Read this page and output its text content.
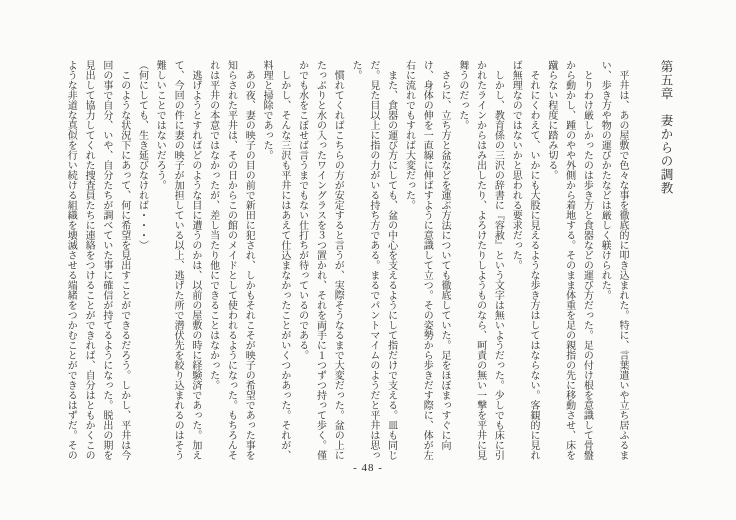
第五章　妻からの調教

平井は、あの屋敷で色々な事を徹底的に叩き込まれた。特に、言葉遣いや立ち居ふるまい、歩き方や物の運びかたなどは厳しく躾けられた。

とりわけ厳しかったのは歩き方と食器などの運び方だった。足の付け根を意識して骨盤から動かし、踵のやや外側から着地する。そのまま体重を足の親指の先に移動させ、床を蹴らない程度に踏み切る。

それにくわえて、いかにも大股に見えるような歩き方はしてはならない。客観的に見れば無理なのではないかと思われる要求だった。

しかし、教育係の三沢の辞書に『容赦』という文字は無いようだった。少しでも床に引かれたラインからはみ出したり、よろけたりしようものなら、呵責の無い一撃を平井に見舞うのだった。

さらに、立ち方と盆などを運ぶ方法についても徹底していた。足をほぼまっすぐに向け、身体の伸を一直線に伸ばすように意識して立つ。その姿勢から歩きだす際に、体が左右に流れでもすれば大変だった。

また、食器の運び方にしても、盆の中心を支えるようにして指だけで支える。皿も同じだ。見た目以上に指の力がいる持ち方である。まるでパントマイムのようだと平井は思った。

慣れてくればこちらの方が安定すると言うが、実際そうなるまで大変だった。盆の上にたっぷりと水の入ったワイングラスを３つ置かれ、それを両手に１つずつ持って歩く。僅かでも水をこぼせば言うまでもない仕打ちが待っているのである。

しかし、そんな三沢も平井にはあえて仕込まなかったことがいくつかあった。それが、料理と掃除であった。

あの夜、妻の映子の目の前で新田に犯され、しかもそれこそが映子の希望であった事を知らされた平井は、その日からこの館のメイドとして使われるようになった。もちろんそれは平井の本意ではなかったが、差し当たり他にできることはなかった。

逃げようとすればどのような目に遭うのかは、以前の屋敷の時に経験済であった。加えて、今回の件に妻の映子が加担している以上、逃げた所で潜伏先を絞り込まれるのはそう難しいことではないだろう。

（何にしても、生き延びなければ・・・）

このような状況下にあって、何に希望を見出すことができるだろう。しかし、平井は今回の事で自分、いや、自分たちが調べていた事に確信が持てるようになった。脱出の期を見出して協力してくれた捜査員たちに連絡をつけることができれば、自分はともかくこのような非道な真似を行い続ける組織を壊滅させる端緒をつかむことができるはずだ。その

- 48 -
